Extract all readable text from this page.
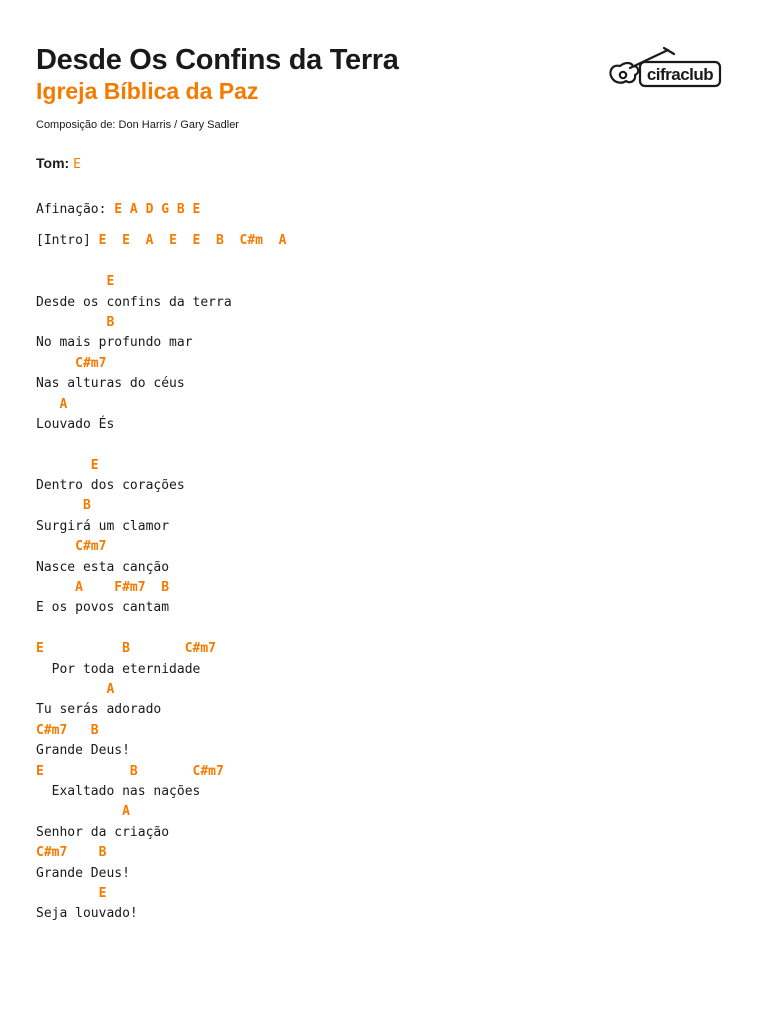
Desde Os Confins da Terra
Igreja Bíblica da Paz
Composição de: Don Harris / Gary Sadler
cifraclub
Tom: E
Afinação: E A D G B E
[Intro] E  E  A  E  E  B  C#m  A
E
Desde os confins da terra
B
No mais profundo mar
C#m7
Nas alturas do céus
A
Louvado És
E
Dentro dos corações
B
Surgirá um clamor
C#m7
Nasce esta canção
A    F#m7  B
E os povos cantam
E          B       C#m7
Por toda eternidade
A
Tu serás adorado
C#m7   B
Grande Deus!
E           B       C#m7
Exaltado nas nações
A
Senhor da criação
C#m7    B
Grande Deus!
E
Seja louvado!
